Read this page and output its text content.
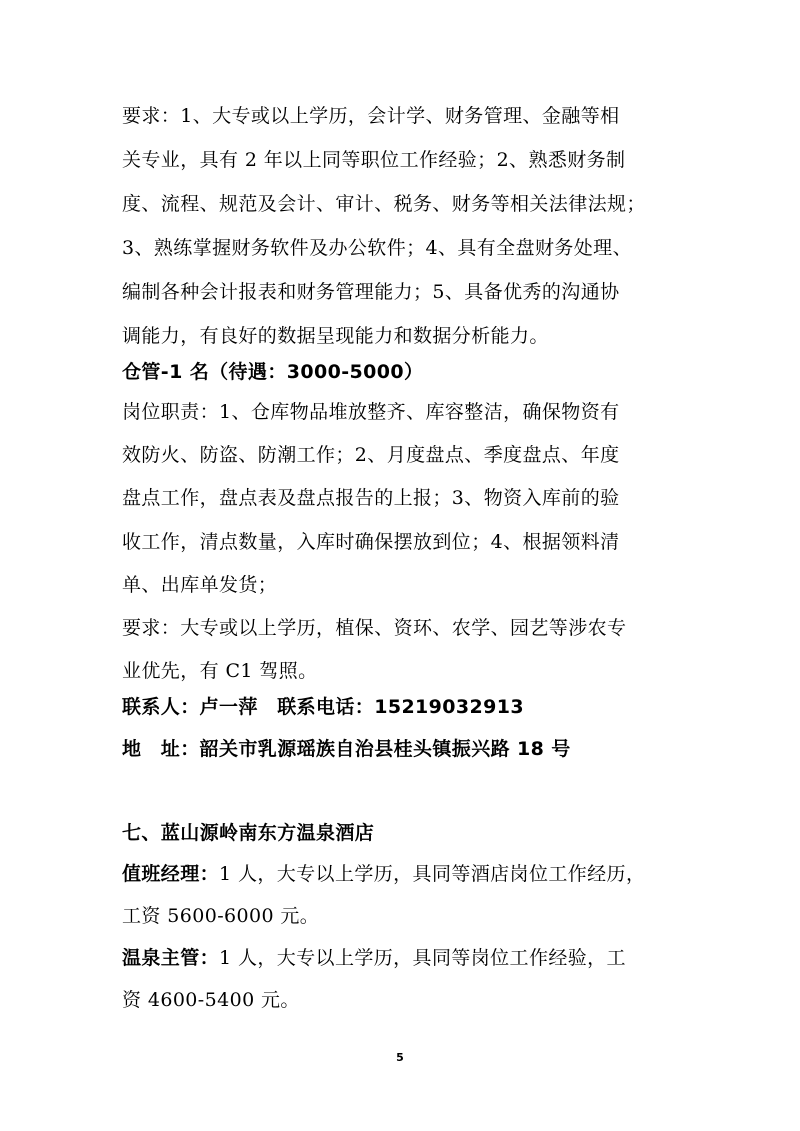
要求：1、大专或以上学历，会计学、财务管理、金融等相
关专业，具有 2 年以上同等职位工作经验；2、熟悉财务制
度、流程、规范及会计、审计、税务、财务等相关法律法规；
3、熟练掌握财务软件及办公软件；4、具有全盘财务处理、
编制各种会计报表和财务管理能力；5、具备优秀的沟通协
调能力，有良好的数据呈现能力和数据分析能力。
仓管-1 名（待遇：3000-5000）
岗位职责：1、仓库物品堆放整齐、库容整洁，确保物资有
效防火、防盗、防潮工作；2、月度盘点、季度盘点、年度
盘点工作，盘点表及盘点报告的上报；3、物资入库前的验
收工作，清点数量，入库时确保摆放到位；4、根据领料清
单、出库单发货；
要求：大专或以上学历，植保、资环、农学、园艺等涉农专
业优先，有 C1 驾照。
联系人：卢一萍　联系电话：15219032913
地　址：韶关市乳源瑶族自治县桂头镇振兴路 18 号
七、蓝山源岭南东方温泉酒店
值班经理：1 人，大专以上学历，具同等酒店岗位工作经历，
工资 5600-6000 元。
温泉主管：1 人，大专以上学历，具同等岗位工作经验，工
资 4600-5400 元。
5
